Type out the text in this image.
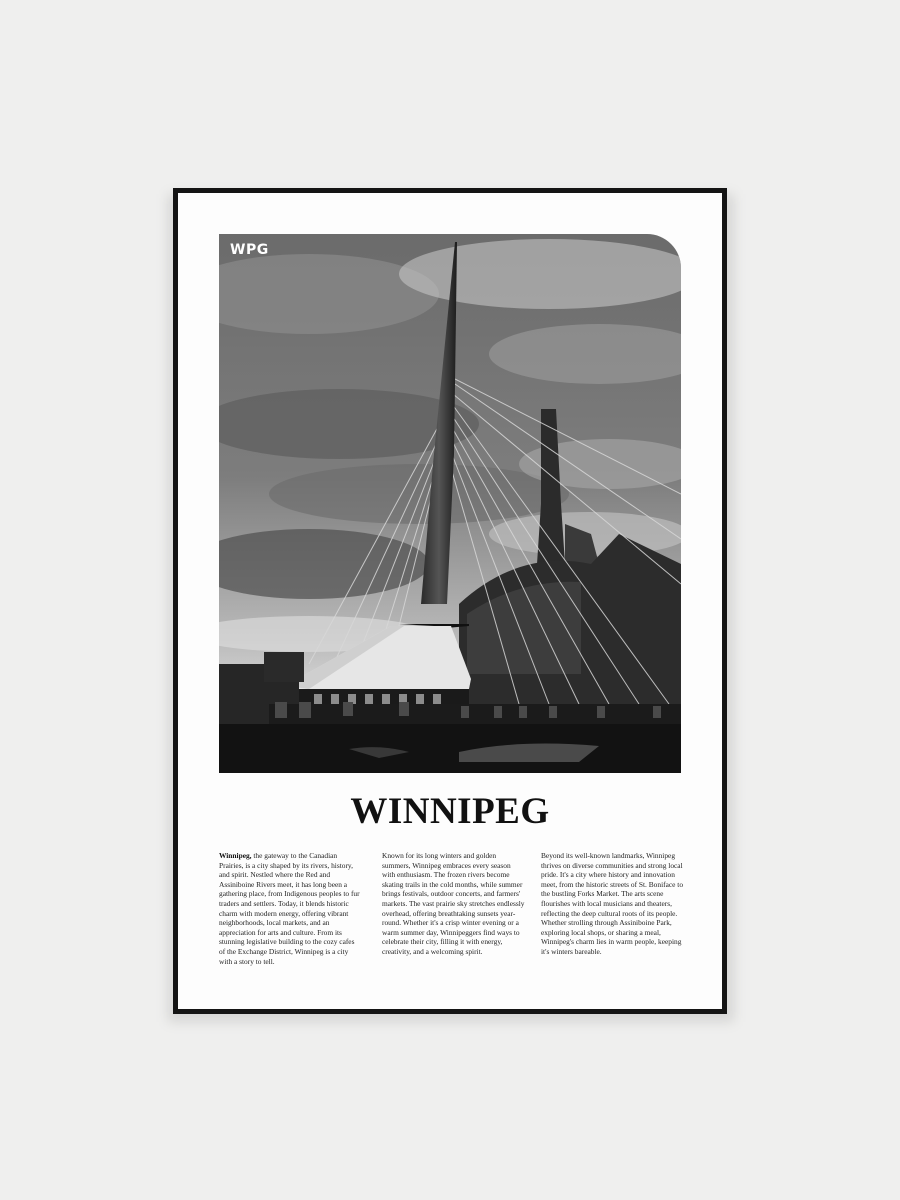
WPG
WINNIPEG
Winnipeg, the gateway to the Canadian Prairies, is a city shaped by its rivers, history, and spirit. Nestled where the Red and Assiniboine Rivers meet, it has long been a gathering place, from Indigenous peoples to fur traders and settlers. Today, it blends historic charm with modern energy, offering vibrant neighborhoods, local markets, and an appreciation for arts and culture. From its stunning legislative building to the cozy cafes of the Exchange District, Winnipeg is a city with a story to tell.
Known for its long winters and golden summers, Winnipeg embraces every season with enthusiasm. The frozen rivers become skating trails in the cold months, while summer brings festivals, outdoor concerts, and farmers' markets. The vast prairie sky stretches endlessly overhead, offering breathtaking sunsets year-round. Whether it's a crisp winter evening or a warm summer day, Winnipeggers find ways to celebrate their city, filling it with energy, creativity, and a welcoming spirit.
Beyond its well-known landmarks, Winnipeg thrives on diverse communities and strong local pride. It's a city where history and innovation meet, from the historic streets of St. Boniface to the bustling Forks Market. The arts scene flourishes with local musicians and theaters, reflecting the deep cultural roots of its people. Whether strolling through Assiniboine Park, exploring local shops, or sharing a meal, Winnipeg's charm lies in warm people, keeping it's winters bareable.
